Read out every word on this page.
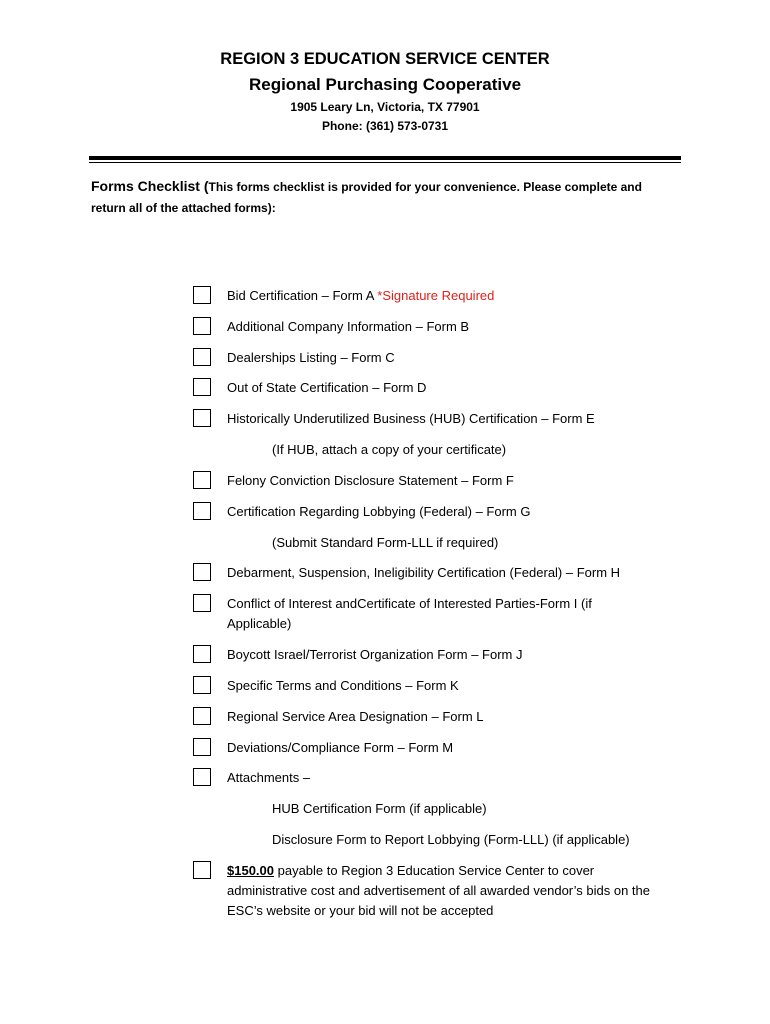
REGION 3 EDUCATION SERVICE CENTER
Regional Purchasing Cooperative
1905 Leary Ln, Victoria, TX 77901
Phone: (361) 573-0731
Forms Checklist (This forms checklist is provided for your convenience. Please complete and return all of the attached forms):
Bid Certification – Form A *Signature Required
Additional Company Information – Form B
Dealerships Listing – Form C
Out of State Certification – Form D
Historically Underutilized Business (HUB) Certification – Form E
(If HUB, attach a copy of your certificate)
Felony Conviction Disclosure Statement – Form F
Certification Regarding Lobbying (Federal) – Form G
(Submit Standard Form-LLL if required)
Debarment, Suspension, Ineligibility Certification (Federal) – Form H
Conflict of Interest andCertificate of Interested Parties-Form I (if Applicable)
Boycott Israel/Terrorist Organization Form – Form J
Specific Terms and Conditions – Form K
Regional Service Area Designation – Form L
Deviations/Compliance Form – Form M
Attachments –
HUB Certification Form (if applicable)
Disclosure Form to Report Lobbying (Form-LLL) (if applicable)
$150.00 payable to Region 3 Education Service Center to cover administrative cost and advertisement of all awarded vendor’s bids on the ESC’s website or your bid will not be accepted
